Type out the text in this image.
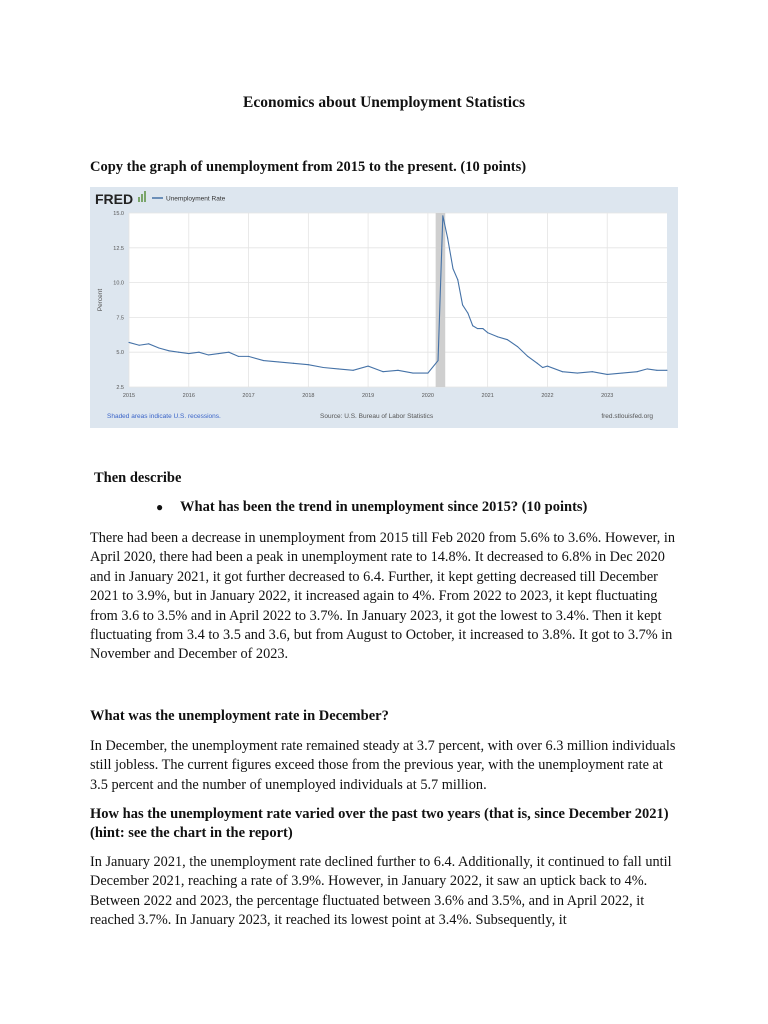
Economics about Unemployment Statistics
Copy the graph of unemployment from 2015 to the present. (10 points)
FRED	Unemployment Rate
15.0
12.5
10.0
7.5
5.0
2.5
2015	2016	2017	2018	2019	2020	2021	2022	2023
Percent
Shaded areas indicate U.S. recessions.	Source: U.S. Bureau of Labor Statistics	fred.stlouisfed.org
Then describe
● What has been the trend in unemployment since 2015? (10 points)

There had been a decrease in unemployment from 2015 till Feb 2020 from 5.6% to 3.6%. However, in April 2020, there had been a peak in unemployment rate to 14.8%. It decreased to 6.8% in Dec 2020 and in January 2021, it got further decreased to 6.4. Further, it kept getting decreased till December 2021 to 3.9%, but in January 2022, it increased again to 4%. From 2022 to 2023, it kept fluctuating from 3.6 to 3.5% and in April 2022 to 3.7%. In January 2023, it got the lowest to 3.4%. Then it kept fluctuating from 3.4 to 3.5 and 3.6, but from August to October, it increased to 3.8%. It got to 3.7% in November and December of 2023.

What was the unemployment rate in December?

In December, the unemployment rate remained steady at 3.7 percent, with over 6.3 million individuals still jobless. The current figures exceed those from the previous year, with the unemployment rate at 3.5 percent and the number of unemployed individuals at 5.7 million.

How has the unemployment rate varied over the past two years (that is, since December 2021) (hint: see the chart in the report)

In January 2021, the unemployment rate declined further to 6.4. Additionally, it continued to fall until December 2021, reaching a rate of 3.9%. However, in January 2022, it saw an uptick back to 4%. Between 2022 and 2023, the percentage fluctuated between 3.6% and 3.5%, and in April 2022, it reached 3.7%. In January 2023, it reached its lowest point at 3.4%. Subsequently, it
